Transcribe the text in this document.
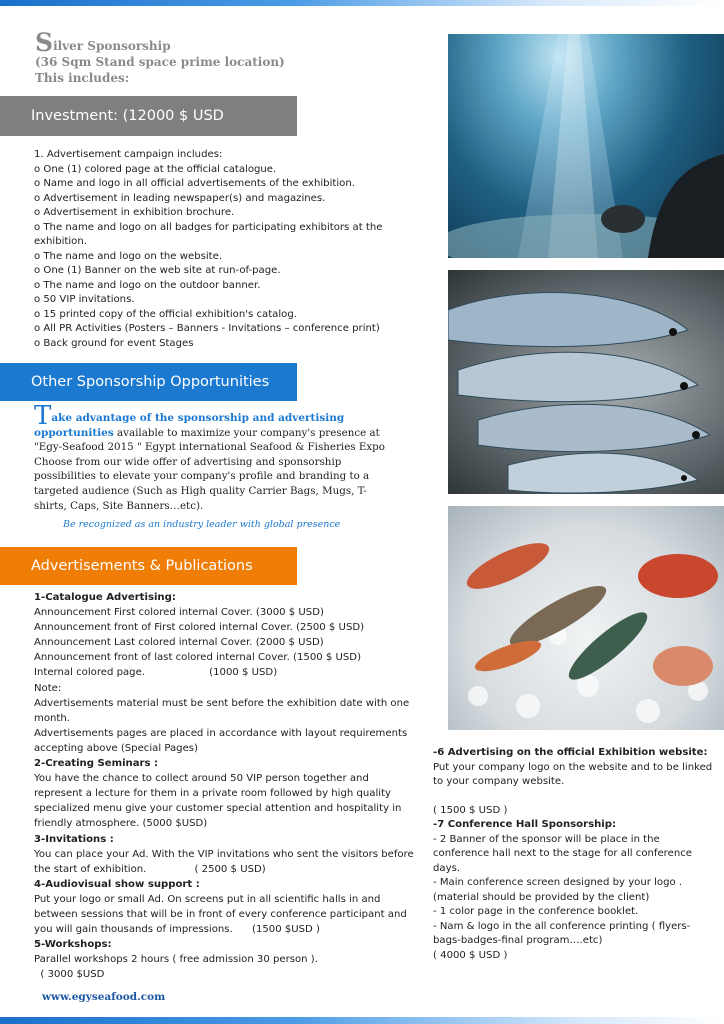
Silver Sponsorship
(36 Sqm Stand space prime location)
This includes:
Investment: (12000 $ USD
1. Advertisement campaign includes:
o One (1) colored page at the official catalogue.
o Name and logo in all official advertisements of the exhibition.
o Advertisement in leading newspaper(s) and magazines.
o Advertisement in exhibition brochure.
o The name and logo on all badges for participating exhibitors at the exhibition.
o The name and logo on the website.
o One (1) Banner on the web site at run-of-page.
o The name and logo on the outdoor banner.
o 50 VIP invitations.
o 15 printed copy of the official exhibition's catalog.
o All PR Activities (Posters – Banners - Invitations – conference print)
o Back ground for event Stages
Other Sponsorship Opportunities
Take advantage of the sponsorship and advertising opportunities available to maximize your company's presence at "Egy-Seafood 2015 " Egypt international Seafood & Fisheries Expo Choose from our wide offer of advertising and sponsorship possibilities to elevate your company's profile and branding to a targeted audience (Such as High quality Carrier Bags, Mugs, T-shirts, Caps, Site Banners…etc).
Be recognized as an industry leader with global presence
Advertisements & Publications
1-Catalogue Advertising:
Announcement First colored internal Cover. (3000 $ USD)
Announcement front of First colored internal Cover. (2500 $ USD)
Announcement Last colored internal Cover. (2000 $ USD)
Announcement front of last colored internal Cover. (1500 $ USD)
Internal colored page.                    (1000 $ USD)
Note:
Advertisements material must be sent before the exhibition date with one month.
Advertisements pages are placed in accordance with layout requirements accepting above (Special Pages)
2-Creating Seminars :
You have the chance to collect around 50 VIP person together and represent a lecture for them in a private room followed by high quality specialized menu give your customer special attention and hospitality in friendly atmosphere. (5000 $USD)
3-Invitations :
You can place your Ad. With the VIP invitations who sent the visitors before the start of exhibition.               ( 2500 $ USD)
4-Audiovisual show support :
Put your logo or small Ad. On screens put in all scientific halls in and between sessions that will be in front of every conference participant and you will gain thousands of impressions.      (1500 $USD )
5-Workshops:
Parallel workshops 2 hours ( free admission 30 person ).
( 3000 $USD
-6 Advertising on the official Exhibition website:
Put your company logo on the website and to be linked to your company website.
( 1500 $ USD )
-7 Conference Hall Sponsorship:
- 2 Banner of the sponsor will be place in the conference hall next to the stage for all conference days.
- Main conference screen designed by your logo .(material should be provided by the client)
- 1 color page in the conference booklet.
- Nam & logo in the all conference printing ( flyers-bags-badges-final program….etc)
( 4000 $ USD )
www.egyseafood.com
